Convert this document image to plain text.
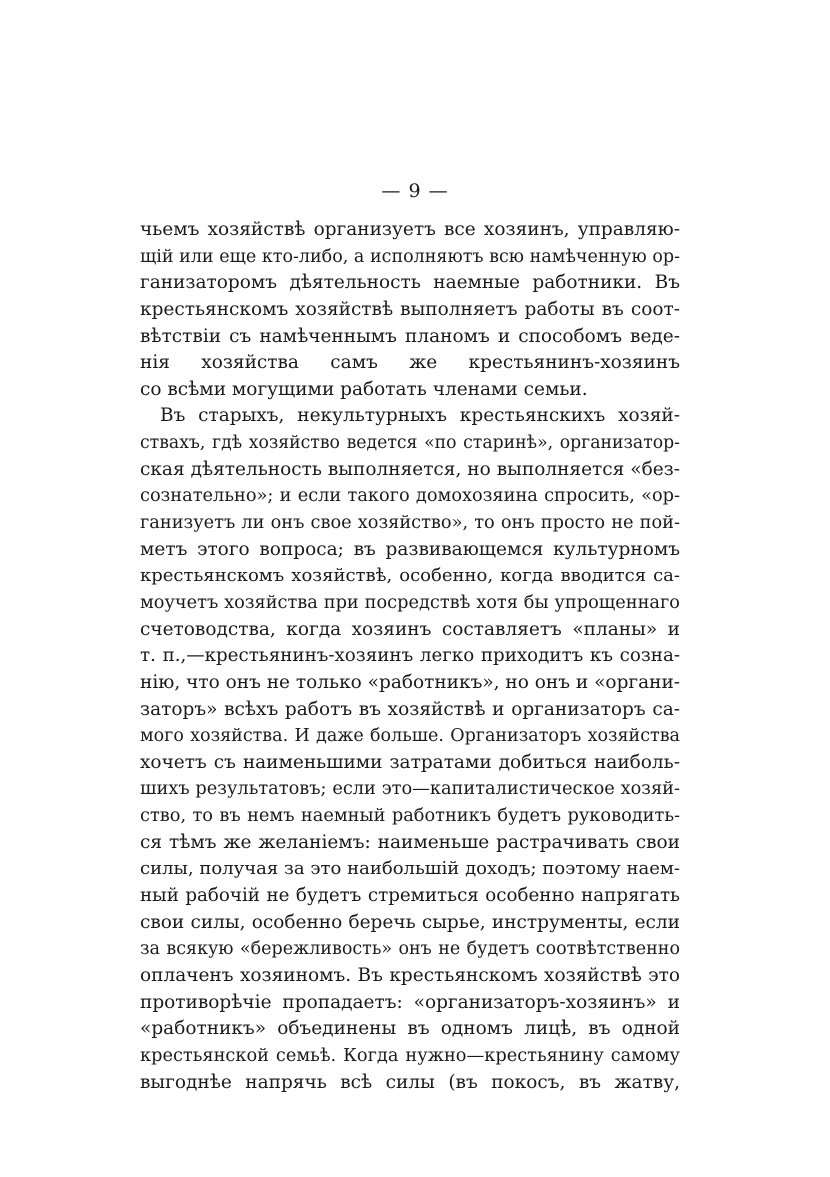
— 9 —
чьемъ хозяйствѣ организуетъ все хозяинъ, управляю-
щій или еще кто-либо, а исполняютъ всю намѣченную ор-
ганизаторомъ дѣятельность наемные работники. Въ
крестьянскомъ хозяйствѣ выполняетъ работы въ соот-
вѣтствіи съ намѣченнымъ планомъ и способомъ веде-
нія хозяйства самъ же крестьянинъ-хозяинъ
со всѣми могущими работать членами семьи.
Въ старыхъ, некультурныхъ крестьянскихъ хозяй-
ствахъ, гдѣ хозяйство ведется «по старинѣ», организатор-
ская дѣятельность выполняется, но выполняется «без-
сознательно»; и если такого домохозяина спросить, «ор-
ганизуетъ ли онъ свое хозяйство», то онъ просто не пой-
метъ этого вопроса; въ развивающемся культурномъ
крестьянскомъ хозяйствѣ, особенно, когда вводится са-
моучетъ хозяйства при посредствѣ хотя бы упрощеннаго
счетоводства, когда хозяинъ составляетъ «планы» и
т. п.,—крестьянинъ-хозяинъ легко приходитъ къ созна-
нію, что онъ не только «работникъ», но онъ и «органи-
заторъ» всѣхъ работъ въ хозяйствѣ и организаторъ са-
мого хозяйства. И даже больше. Организаторъ хозяйства
хочетъ съ наименьшими затратами добиться наиболь-
шихъ результатовъ; если это—капиталистическое хозяй-
ство, то въ немъ наемный работникъ будетъ руководить-
ся тѣмъ же желаніемъ: наименьше растрачивать свои
силы, получая за это наибольшій доходъ; поэтому наем-
ный рабочій не будетъ стремиться особенно напрягать
свои силы, особенно беречь сырье, инструменты, если
за всякую «бережливость» онъ не будетъ соотвѣтственно
оплаченъ хозяиномъ. Въ крестьянскомъ хозяйствѣ это
противорѣчіе пропадаетъ: «организаторъ-хозяинъ» и
«работникъ» объединены въ одномъ лицѣ, въ одной
крестьянской семьѣ. Когда нужно—крестьянину самому
выгоднѣе напрячь всѣ силы (въ покосъ, въ жатву,
